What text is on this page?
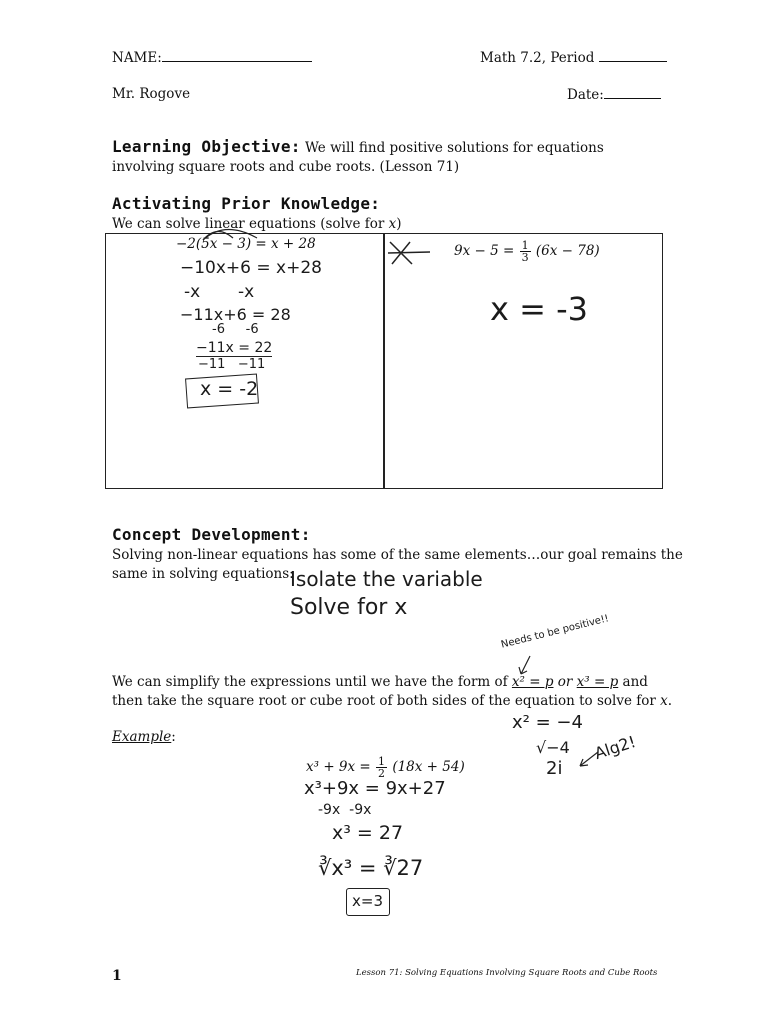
NAME:	Math 7.2, Period
Mr. Rogove	Date:
Learning Objective: We will find positive solutions for equations
involving square roots and cube roots. (Lesson 71)
Activating Prior Knowledge:
We can solve linear equations (solve for x)
−2(5x − 3) = x + 28
−10x+6 = x+28
-x       -x
−11x+6 = 28
-6     -6
−11x = 22
−11   −11
x = -2
$9x - 5 = \frac{1}{3} (6x - 78)$
x = -3
Concept Development:
Solving non-linear equations has some of the same elements…our goal remains the
same in solving equations:
Isolate the variable
Solve for x
Needs to be positive!!
We can simplify the expressions until we have the form of x² = p or x³ = p and
then take the square root or cube root of both sides of the equation to solve for x.
x² = −4
√−4
2i
Alg2!
Example:
$x^3 + 9x = \frac{1}{2} (18x + 54)$
x³+9x = 9x+27
-9x  -9x
x³ = 27
∛x³ = ∛27
x=3
1	Lesson 71: Solving Equations Involving Square Roots and Cube Roots
